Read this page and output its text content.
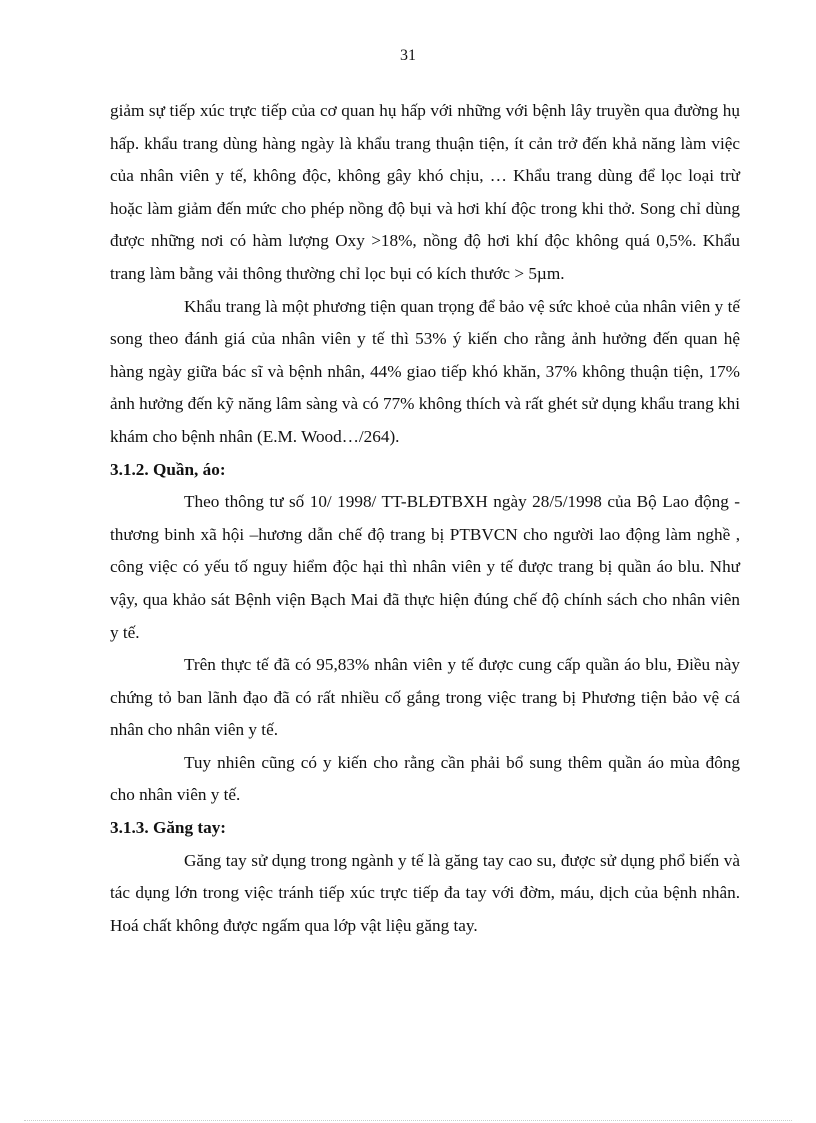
31

giảm sự tiếp xúc trực tiếp của cơ quan hụ hấp với những với bệnh lây truyền qua đường hụ hấp. khẩu trang dùng hàng ngày là khẩu trang thuận tiện, ít cản trở đến khả năng làm việc của nhân viên y tế, không độc, không gây khó chịu, … Khẩu trang dùng để lọc loại trừ hoặc làm giảm đến mức cho phép nồng độ bụi và hơi khí độc trong khi thở. Song chỉ dùng được những nơi có hàm lượng Oxy >18%, nồng độ hơi khí độc không quá 0,5%. Khẩu trang làm bằng vải thông thường chỉ lọc bụi có kích thước > 5µm.

Khẩu trang là một phương tiện quan trọng để bảo vệ sức khoẻ của nhân viên y tế song theo đánh giá của nhân viên y tế thì 53% ý kiến cho rằng ảnh hưởng đến quan hệ hàng ngày giữa bác sĩ và bệnh nhân, 44% giao tiếp khó khăn, 37% không thuận tiện, 17% ảnh hưởng đến kỹ năng lâm sàng và có 77% không thích và rất ghét sử dụng khẩu trang khi khám cho bệnh nhân (E.M. Wood…/264).

3.1.2. Quần, áo:

Theo thông tư số 10/ 1998/ TT-BLĐTBXH ngày 28/5/1998 của Bộ Lao động - thương binh xã hội –hương dẫn chế độ trang bị PTBVCN cho người lao động làm nghề , công việc có yếu tố nguy hiểm độc hại thì nhân viên y tế được trang bị quần áo blu. Như vậy, qua khảo sát Bệnh viện Bạch Mai đã thực hiện đúng chế độ chính sách cho nhân viên y tế.

Trên thực tế đã có 95,83% nhân viên y tế được cung cấp quần áo blu, Điều này chứng tỏ ban lãnh đạo đã có rất nhiều cố gắng trong việc trang bị Phương tiện bảo vệ cá nhân cho nhân viên y tế.

Tuy nhiên cũng có y kiến cho rằng cần phải bổ sung thêm quần áo mùa đông cho nhân viên y tế.

3.1.3. Găng tay:

Găng tay sử dụng trong ngành y tế là găng tay cao su, được sử dụng phổ biến và tác dụng lớn trong việc tránh tiếp xúc trực tiếp đa tay với đờm, máu, dịch của bệnh nhân. Hoá chất không được ngấm qua lớp vật liệu găng tay.
